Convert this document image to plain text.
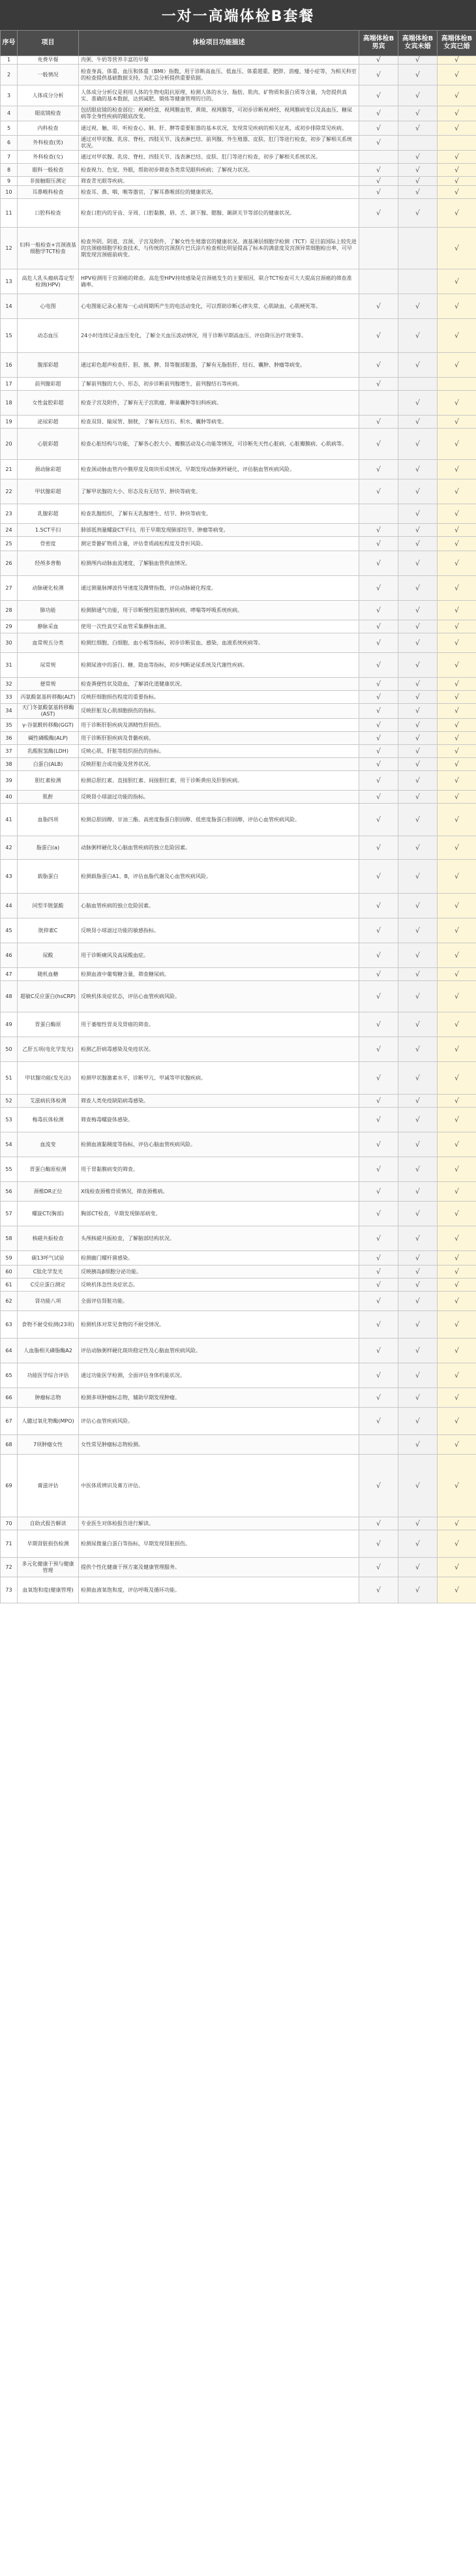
一对一高端体检B套餐
序号	项目	体检项目功能描述	高端体检B男宾	高端体检B女宾未婚	高端体检B女宾已婚
1	免费早餐	肉粥、牛奶等营养丰富的早餐	√	√	√
2	一般情况	检查身高、体重、血压和体重（BMI）指数，用于诊断高血压、低血压、体重超重、肥胖、消瘦、矮小症等，为相关科室的检查提供基础数据支持，为汇总分析提供重要依据。	√	√	√
3	人体成分分析	人体成分分析仪是利用人体的生物电阻抗原理，检测人体的水分、脂肪、肌肉、矿物质和蛋白质等含量，为您提供真实、准确的基本数据，达到减肥、锻炼等健康管理的目的。	√	√	√
4	眼底镜检查	包括眼底镜的检查部位：视神经盘、视网膜血管、黄斑、视网膜等，可初步诊断视神经、视网膜病变以及高血压、糖尿病等全身性疾病的眼底改变。	√	√	√
5	内科检查	通过视、触、叩、听检查心、肺、肝、脾等重要脏器的基本状况，发现常见疾病的相关征兆，或初步排除常见疾病。	√	√	√
6	外科检查(男)	通过对甲状腺、乳房、脊柱、四肢关节、浅表淋巴结、前列腺、外生殖器、皮肤、肛门等进行检查，初步了解相关系统状况。	√		
7	外科检查(女)	通过对甲状腺、乳房、脊柱、四肢关节、浅表淋巴结、皮肤、肛门等进行检查，初步了解相关系统状况。		√	√
8	眼科一般检查	检查视力、色觉、外眼，帮助初步筛查各类常见眼科疾病；了解视力状况。	√	√	√
9	非接触眼压测定	筛查青光眼等疾病。	√	√	√
10	耳鼻喉科检查	检查耳、鼻、咽、喉等器官，了解耳鼻喉部位的健康状况。	√	√	√
11	口腔科检查	检查口腔内的牙齿、牙周、口腔黏膜、唇、舌、颌下腺、腮腺、颞颌关节等部位的健康状况。	√	√	√
12	妇科一般检查+宫颈液基细胞学TCT检查	检查外阴、阴道、宫颈、子宫及附件，了解女性生殖器官的健康状况。液基薄层细胞学检测（TCT）是目前国际上较先进的宫颈癌细胞学检查技术，与传统的宫颈刮片巴氏涂片检查相比明显提高了标本的满意度及宫颈异常细胞检出率，可早期发现宫颈癌前病变。			√
13	高危人乳头瘤病毒定型检测(HPV)	HPV检测用于宫颈癌的筛查。高危型HPV持续感染是宫颈癌发生的主要原因，联合TCT检查可大大提高宫颈癌的筛查准确率。			√
14	心电图	心电图能记录心脏每一心动周期所产生的电活动变化，可以帮助诊断心律失常、心肌缺血、心肌梗死等。	√	√	√
15	动态血压	24小时连续记录血压变化，了解全天血压波动情况，用于诊断早期高血压、评估降压治疗效果等。	√	√	√
16	腹部彩超	通过彩色超声检查肝、胆、胰、脾、肾等腹部脏器，了解有无脂肪肝、结石、囊肿、肿瘤等病变。	√	√	√
17	前列腺彩超	了解前列腺的大小、形态，初步诊断前列腺增生、前列腺结石等疾病。	√		
18	女性盆腔彩超	检查子宫及附件，了解有无子宫肌瘤、卵巢囊肿等妇科疾病。		√	√
19	泌尿彩超	检查双肾、输尿管、膀胱，了解有无结石、积水、囊肿等病变。	√	√	√
20	心脏彩超	检查心脏结构与功能，了解各心腔大小、瓣膜活动及心功能等情况，可诊断先天性心脏病、心脏瓣膜病、心肌病等。	√	√	√
21	颈动脉彩超	检查颈动脉血管内中膜厚度及斑块形成情况，早期发现动脉粥样硬化，评估脑血管疾病风险。	√	√	√
22	甲状腺彩超	了解甲状腺的大小、形态及有无结节、肿块等病变。	√	√	√
23	乳腺彩超	检查乳腺组织，了解有无乳腺增生、结节、肿块等病变。		√	√
24	1.5CT平扫	肺部低剂量螺旋CT平扫，用于早期发现肺部结节、肿瘤等病变。	√	√	√
25	骨密度	测定骨骼矿物质含量，评估骨质疏松程度及骨折风险。	√	√	√
26	经颅多普勒	检测颅内动脉血流速度，了解脑血管供血情况。	√	√	√
27	动脉硬化检测	通过测量脉搏波传导速度及踝臂指数，评估动脉硬化程度。	√	√	√
28	肺功能	检测肺通气功能，用于诊断慢性阻塞性肺疾病、哮喘等呼吸系统疾病。	√	√	√
29	静脉采血	使用一次性真空采血管采集静脉血液。	√	√	√
30	血常规五分类	检测红细胞、白细胞、血小板等指标，初步诊断贫血、感染、血液系统疾病等。	√	√	√
31	尿常规	检测尿液中的蛋白、糖、隐血等指标，初步判断泌尿系统及代谢性疾病。	√	√	√
32	便常规	检查粪便性状及隐血，了解消化道健康状况。	√	√	√
33	丙氨酸氨基转移酶(ALT)	反映肝细胞损伤程度的重要指标。	√	√	√
34	天门冬氨酸氨基转移酶(AST)	反映肝脏及心肌细胞损伤的指标。	√	√	√
35	γ-谷氨酰转移酶(GGT)	用于诊断肝胆疾病及酒精性肝损伤。	√	√	√
36	碱性磷酸酶(ALP)	用于诊断肝胆疾病及骨骼疾病。	√	√	√
37	乳酸脱氢酶(LDH)	反映心肌、肝脏等组织损伤的指标。	√	√	√
38	白蛋白(ALB)	反映肝脏合成功能及营养状况。	√	√	√
39	胆红素检测	检测总胆红素、直接胆红素、间接胆红素，用于诊断黄疸及肝胆疾病。	√	√	√
40	肌酐	反映肾小球滤过功能的指标。	√	√	√
41	血脂四项	检测总胆固醇、甘油三酯、高密度脂蛋白胆固醇、低密度脂蛋白胆固醇，评估心血管疾病风险。	√	√	√
42	脂蛋白(a)	动脉粥样硬化及心脑血管疾病的独立危险因素。	√	√	√
43	载脂蛋白	检测载脂蛋白A1、B，评估血脂代谢及心血管疾病风险。	√	√	√
44	同型半胱氨酸	心脑血管疾病的独立危险因素。	√	√	√
45	胱抑素C	反映肾小球滤过功能的敏感指标。	√	√	√
46	尿酸	用于诊断痛风及高尿酸血症。	√	√	√
47	随机血糖	检测血液中葡萄糖含量，筛查糖尿病。	√	√	√
48	超敏C反应蛋白(hsCRP)	反映机体炎症状态，评估心血管疾病风险。	√	√	√
49	胃蛋白酶原	用于萎缩性胃炎及胃癌的筛查。	√	√	√
50	乙肝五项(电化学发光)	检测乙肝病毒感染及免疫状况。	√	√	√
51	甲状腺功能(发光法)	检测甲状腺激素水平，诊断甲亢、甲减等甲状腺疾病。	√	√	√
52	艾滋病抗体检测	筛查人类免疫缺陷病毒感染。	√	√	√
53	梅毒抗体检测	筛查梅毒螺旋体感染。	√	√	√
54	血流变	检测血液黏稠度等指标，评估心脑血管疾病风险。	√	√	√
55	胃蛋白酶原检测	用于胃黏膜病变的筛查。	√	√	√
56	颈椎DR正位	X线检查颈椎骨质情况，筛查颈椎病。	√	√	√
57	螺旋CT(胸部)	胸部CT检查，早期发现肺部病变。	√	√	√
58	核磁共振检查	头颅核磁共振检查，了解脑部结构状况。	√	√	√
59	碳13呼气试验	检测幽门螺杆菌感染。	√	√	√
60	C肽化学发光	反映胰岛β细胞分泌功能。	√	√	√
61	C反应蛋白测定	反映机体急性炎症状态。	√	√	√
62	肾功能八项	全面评估肾脏功能。	√	√	√
63	食物不耐受检测(23项)	检测机体对常见食物的不耐受情况。	√	√	√
64	人血脂相关磷脂酶A2	评估动脉粥样硬化斑块稳定性及心脑血管疾病风险。	√	√	√
65	功能医学综合评估	通过功能医学检测，全面评估身体机能状况。	√	√	√
66	肿瘤标志物	检测多项肿瘤标志物，辅助早期发现肿瘤。	√	√	√
67	人髓过氧化物酶(MPO)	评估心血管疾病风险。	√	√	√
68	7项肿瘤女性	女性常见肿瘤标志物检测。		√	√
69	膏滋评估	中医体质辨识及膏方评估。	√	√	√
70	自助式报告解读	专业医生对体检报告进行解读。	√	√	√
71	早期肾脏损伤检测	检测尿微量白蛋白等指标，早期发现肾脏损伤。	√	√	√
72	多元化健康干预与健康管理	提供个性化健康干预方案及健康管理服务。	√	√	√
73	血氧饱和度(健康管理)	检测血液氧饱和度，评估呼吸及循环功能。	√	√	√
